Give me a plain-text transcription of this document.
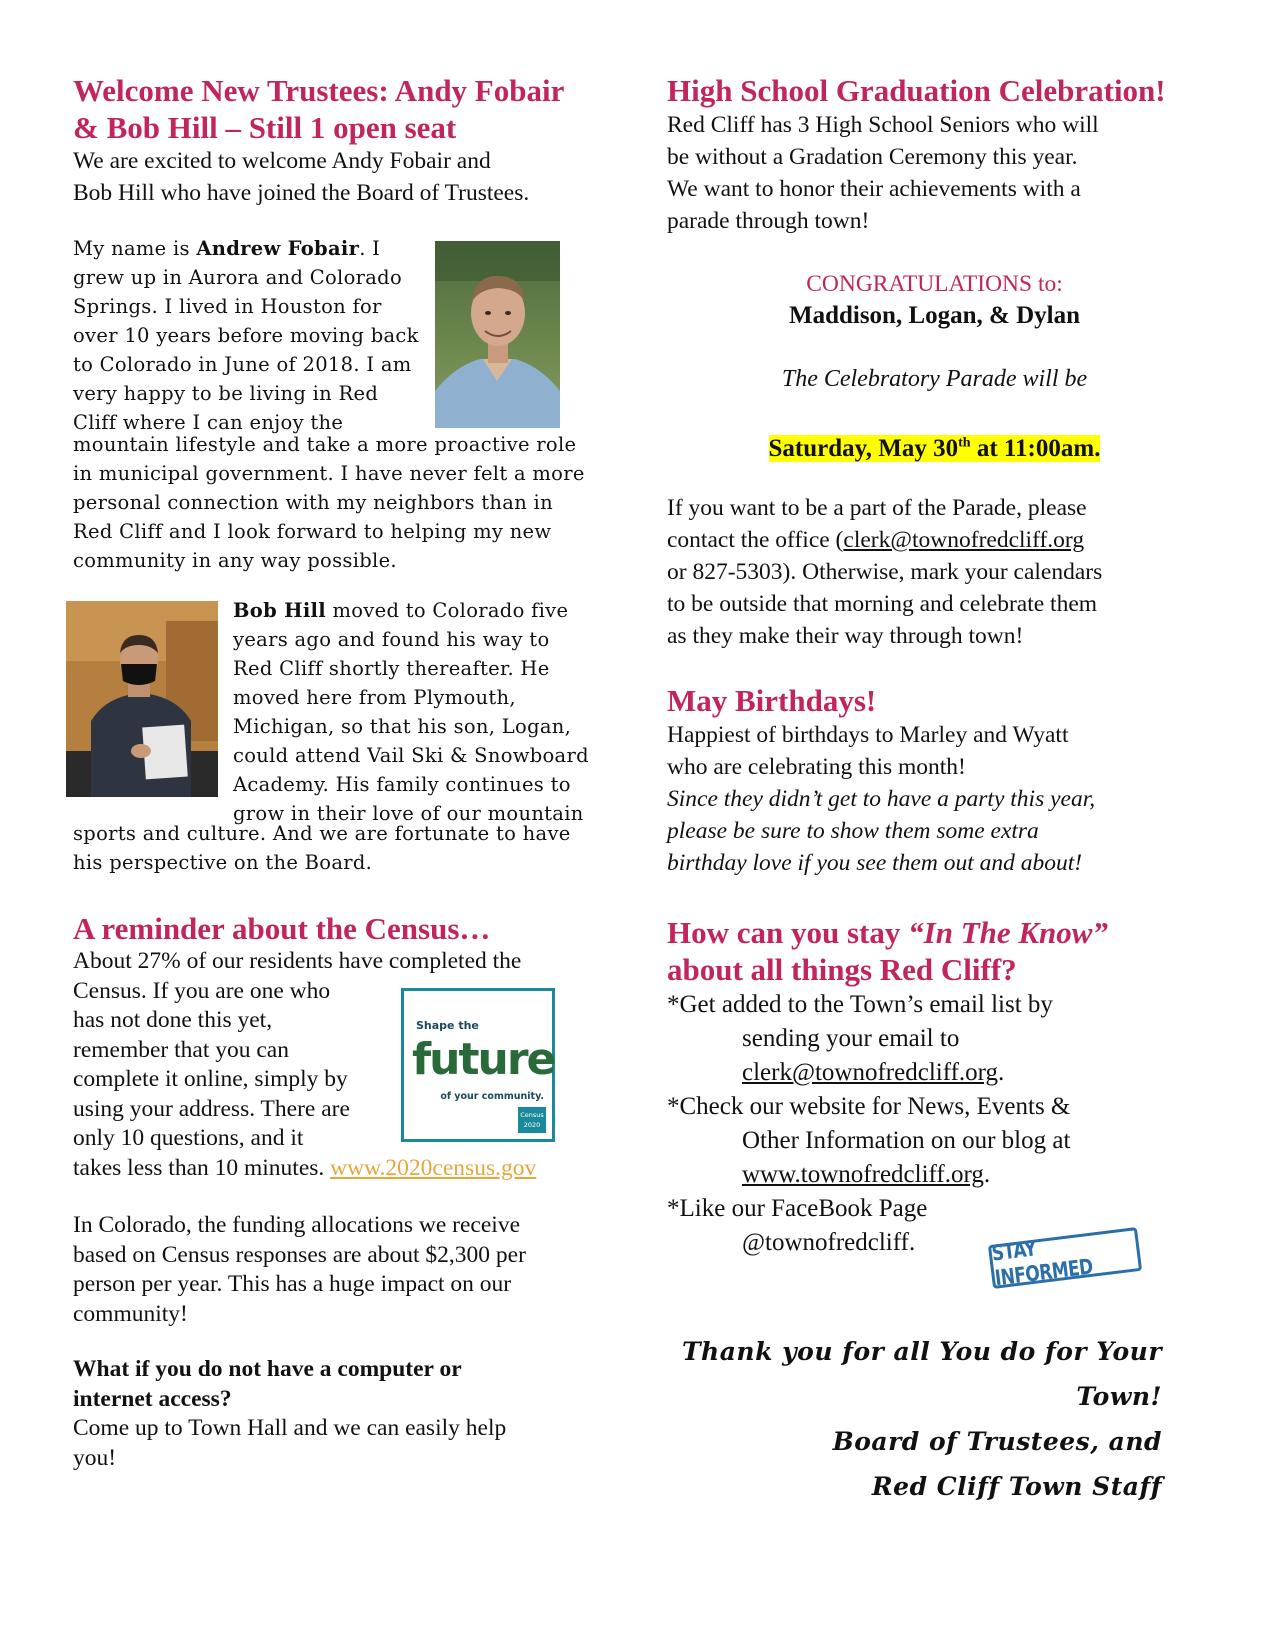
Welcome New Trustees: Andy Fobair
& Bob Hill – Still 1 open seat

We are excited to welcome Andy Fobair and
Bob Hill who have joined the Board of Trustees.

My name is Andrew Fobair. I
grew up in Aurora and Colorado
Springs. I lived in Houston for
over 10 years before moving back
to Colorado in June of 2018. I am
very happy to be living in Red
Cliff where I can enjoy the

mountain lifestyle and take a more proactive role
in municipal government. I have never felt a more
personal connection with my neighbors than in
Red Cliff and I look forward to helping my new
community in any way possible.

Bob Hill moved to Colorado five
years ago and found his way to
Red Cliff shortly thereafter. He
moved here from Plymouth,
Michigan, so that his son, Logan,
could attend Vail Ski & Snowboard
Academy. His family continues to
grow in their love of our mountain

sports and culture. And we are fortunate to have
his perspective on the Board.

A reminder about the Census…

About 27% of our residents have completed the
Census. If you are one who
has not done this yet,
remember that you can
complete it online, simply by
using your address. There are
only 10 questions, and it
takes less than 10 minutes. www.2020census.gov

Shape the
future
of your community.
Census
2020

In Colorado, the funding allocations we receive
based on Census responses are about $2,300 per
person per year. This has a huge impact on our
community!

What if you do not have a computer or
internet access?
Come up to Town Hall and we can easily help
you!

High School Graduation Celebration!

Red Cliff has 3 High School Seniors who will
be without a Gradation Ceremony this year.
We want to honor their achievements with a
parade through town!

CONGRATULATIONS to:
Maddison, Logan, & Dylan
The Celebratory Parade will be
Saturday, May 30th at 11:00am.

If you want to be a part of the Parade, please
contact the office (clerk@townofredcliff.org
or 827-5303). Otherwise, mark your calendars
to be outside that morning and celebrate them
as they make their way through town!

May Birthdays!

Happiest of birthdays to Marley and Wyatt
who are celebrating this month!
Since they didn’t get to have a party this year,
please be sure to show them some extra
birthday love if you see them out and about!

How can you stay “In The Know”
about all things Red Cliff?

*Get added to the Town’s email list by

sending your email to
clerk@townofredcliff.org.
*Check our website for News, Events &

Other Information on our blog at
www.townofredcliff.org.
*Like our FaceBook Page

@townofredcliff.	STAY INFORMED
Thank you for all You do for Your Town!
Board of Trustees, and
Red Cliff Town Staff
